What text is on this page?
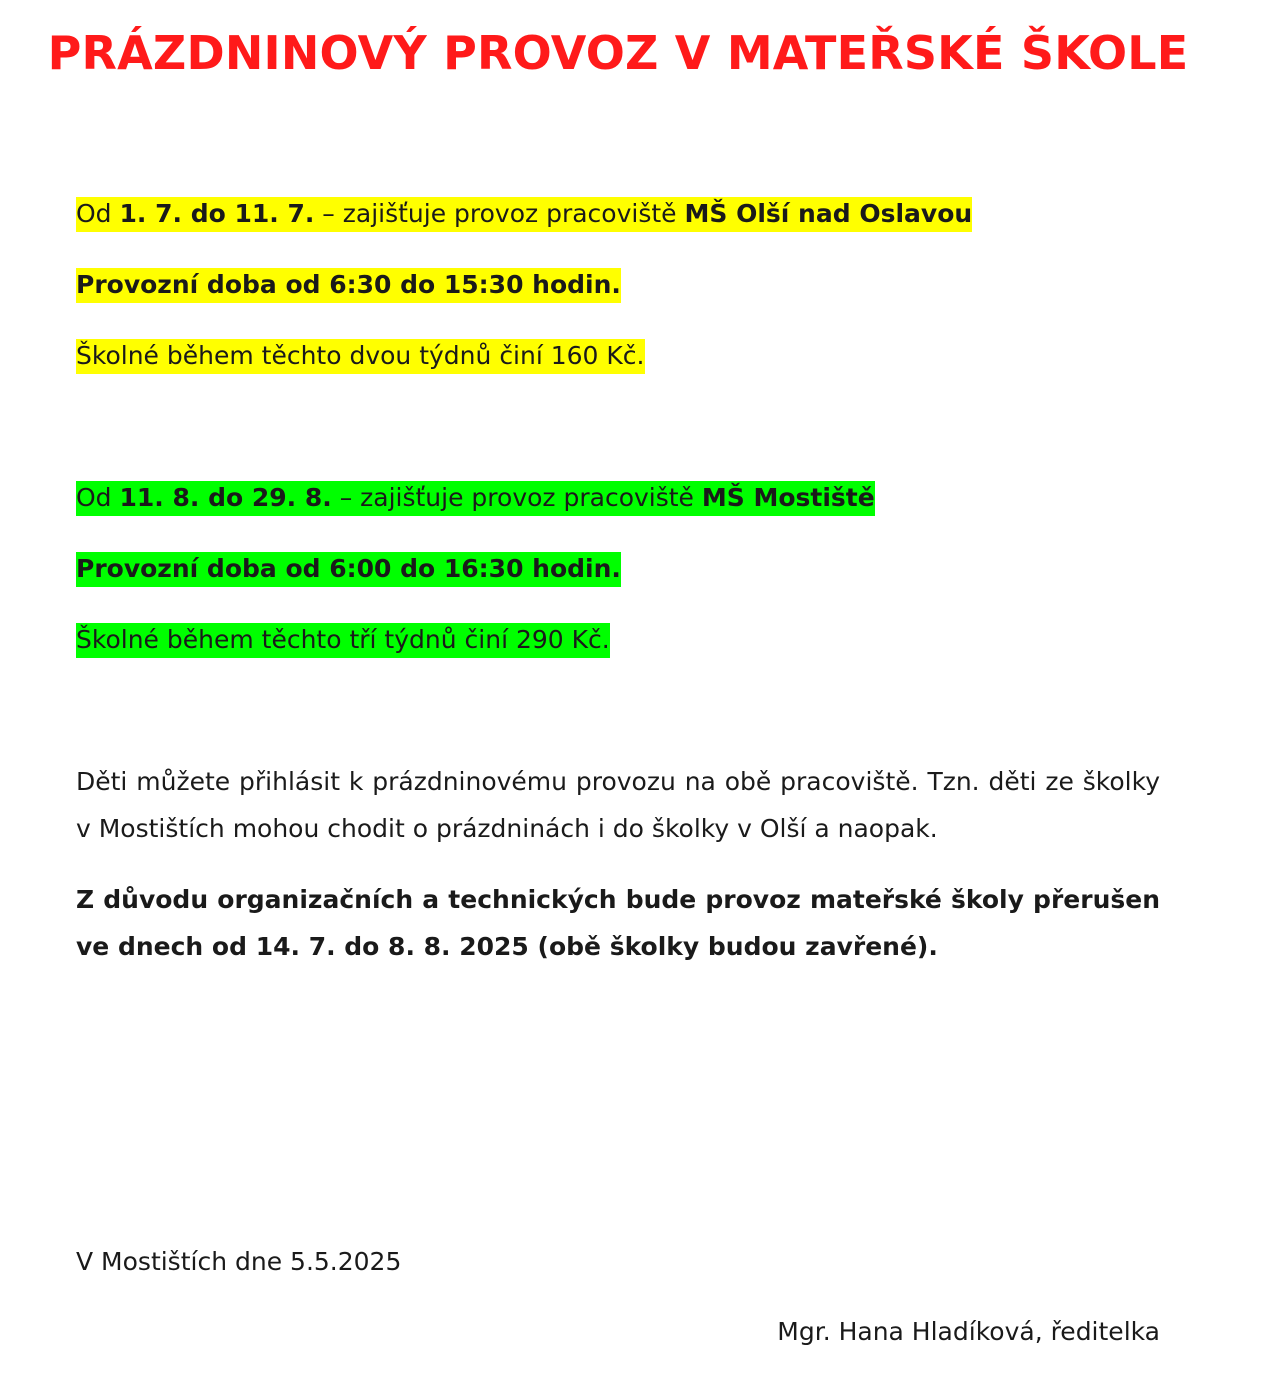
PRÁZDNINOVÝ PROVOZ V MATEŘSKÉ ŠKOLE
Od 1. 7. do 11. 7. – zajišťuje provoz pracoviště MŠ Olší nad Oslavou
Provozní doba od 6:30 do 15:30 hodin.
Školné během těchto dvou týdnů činí 160 Kč.
Od 11. 8. do 29. 8. – zajišťuje provoz pracoviště MŠ Mostiště
Provozní doba od 6:00 do 16:30 hodin.
Školné během těchto tří týdnů činí 290 Kč.

Děti můžete přihlásit k prázdninovému provozu na obě pracoviště. Tzn. děti ze školky v Mostištích mohou chodit o prázdninách i do školky v Olší a naopak.

Z důvodu organizačních a technických bude provoz mateřské školy přerušen ve dnech od 14. 7. do 8. 8. 2025 (obě školky budou zavřené).

V Mostištích dne 5.5.2025
Mgr. Hana Hladíková, ředitelka
